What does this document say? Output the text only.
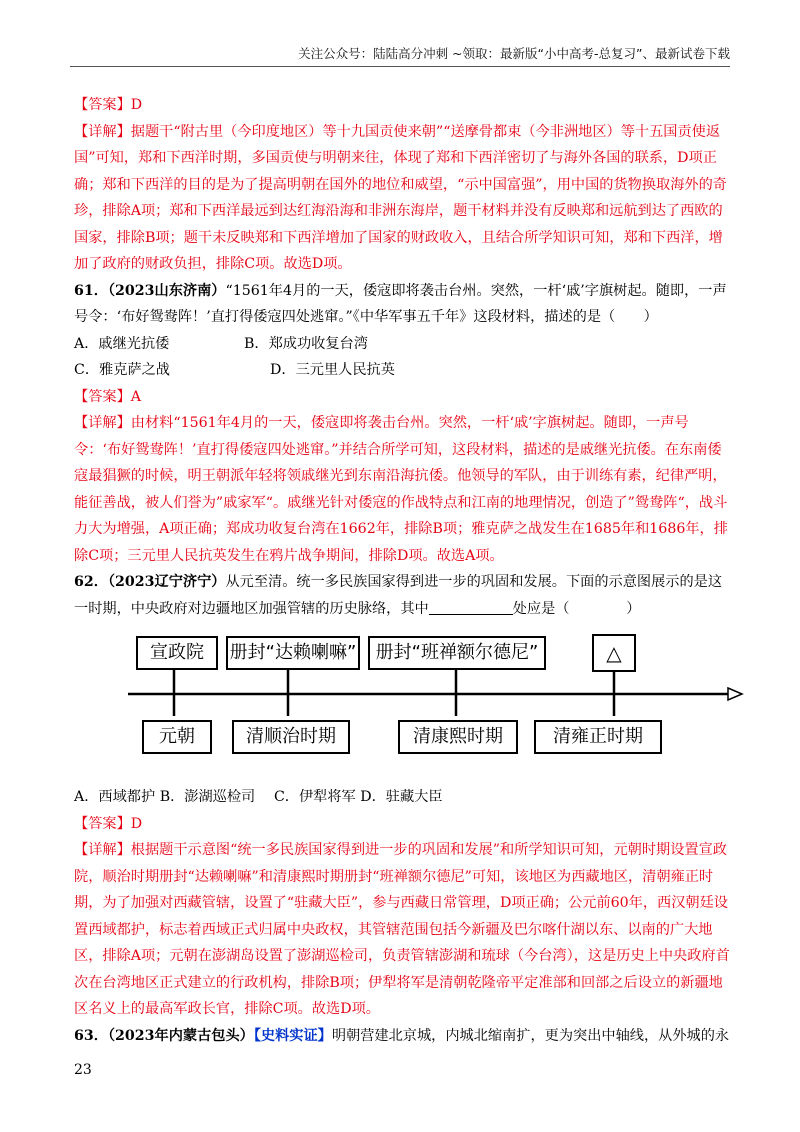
关注公众号：陆陆高分冲刺 ~领取：最新版“小中高考-总复习”、最新试卷下载

【答案】D

【详解】据题干“附古里（今印度地区）等十九国贡使来朝”“送摩骨都束（今非洲地区）等十五国贡使返国”可知，郑和下西洋时期，多国贡使与明朝来往，体现了郑和下西洋密切了与海外各国的联系，D项正确；郑和下西洋的目的是为了提高明朝在国外的地位和威望，“示中国富强”，用中国的货物换取海外的奇珍，排除A项；郑和下西洋最远到达红海沿海和非洲东海岸，题干材料并没有反映郑和远航到达了西欧的国家，排除B项；题干未反映郑和下西洋增加了国家的财政收入，且结合所学知识可知，郑和下西洋，增加了政府的财政负担，排除C项。故选D项。

61．（2023山东济南）“1561年4月的一天，倭寇即将袭击台州。突然，一杆‘戚’字旗树起。随即，一声号令：‘布好鸳鸯阵！’直打得倭寇四处逃窜。”《中华军事五千年》这段材料，描述的是（　　）

A．戚继光抗倭	B．郑成功收复台湾
C．雅克萨之战	D．三元里人民抗英

【答案】A

【详解】由材料“1561年4月的一天，倭寇即将袭击台州。突然，一杆‘戚’字旗树起。随即，一声号令：‘布好鸳鸯阵！’直打得倭寇四处逃窜。”并结合所学可知，这段材料，描述的是戚继光抗倭。在东南倭寇最猖獗的时候，明王朝派年轻将领戚继光到东南沿海抗倭。他领导的军队，由于训练有素，纪律严明，能征善战，被人们誉为”戚家军“。戚继光针对倭寇的作战特点和江南的地理情况，创造了”鸳鸯阵“，战斗力大为增强，A项正确；郑成功收复台湾在1662年，排除B项；雅克萨之战发生在1685年和1686年，排除C项；三元里人民抗英发生在鸦片战争期间，排除D项。故选A项。

62．（2023辽宁济宁）从元至清。统一多民族国家得到进一步的巩固和发展。下面的示意图展示的是这一时期，中央政府对边疆地区加强管辖的历史脉络，其中	处应是（　　　　）

宣政院	册封“达赖喇嘛”	册封“班禅额尔德尼”	△
元朝	清顺治时期	清康熙时期	清雍正时期

A．西域都护 B．澎湖巡检司　 C．伊犁将军 D．驻藏大臣

【答案】D

【详解】根据题干示意图“统一多民族国家得到进一步的巩固和发展”和所学知识可知，元朝时期设置宣政院，顺治时期册封“达赖喇嘛”和清康熙时期册封“班禅额尔德尼”可知，该地区为西藏地区，清朝雍正时期，为了加强对西藏管辖，设置了“驻藏大臣”，参与西藏日常管理，D项正确；公元前60年，西汉朝廷设置西域都护，标志着西域正式归属中央政权，其管辖范围包括今新疆及巴尔喀什湖以东、以南的广大地区，排除A项；元朝在澎湖岛设置了澎湖巡检司，负责管辖澎湖和琉球（今台湾），这是历史上中央政府首次在台湾地区正式建立的行政机构，排除B项；伊犁将军是清朝乾隆帝平定准部和回部之后设立的新疆地区名义上的最高军政长官，排除C项。故选D项。

63．（2023年内蒙古包头）【史料实证】明朝营建北京城，内城北缩南扩，更为突出中轴线，从外城的永

23
